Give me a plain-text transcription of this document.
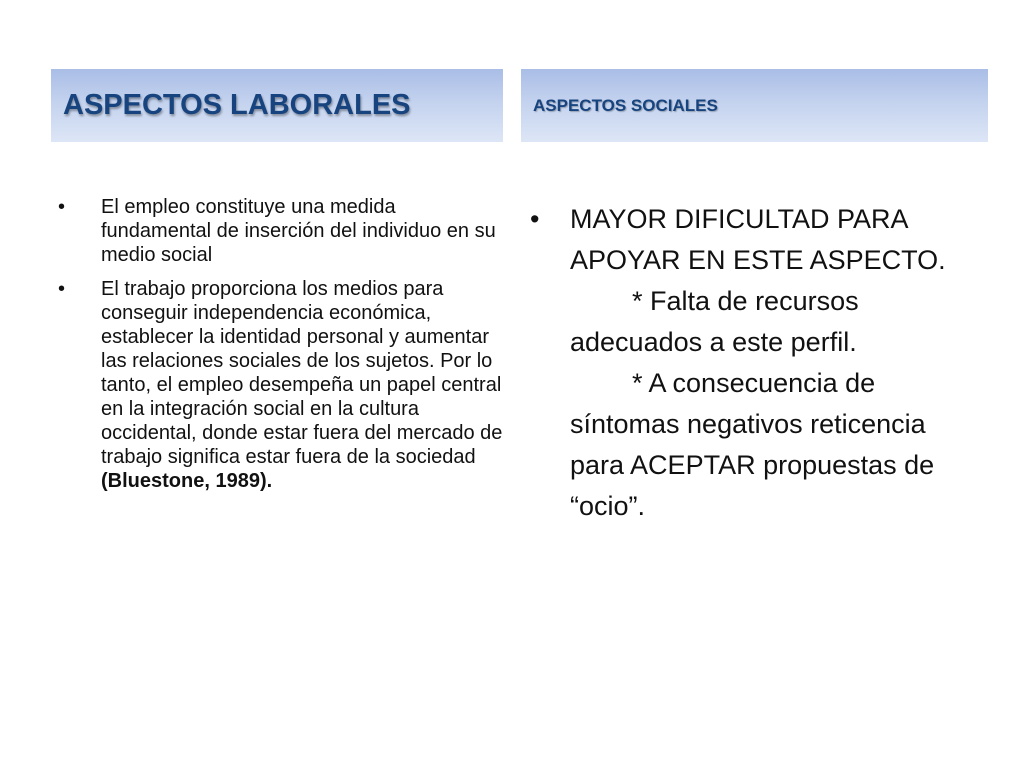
ASPECTOS LABORALES	ASPECTOS SOCIALES
• El empleo constituye una medida fundamental de inserción del individuo en su medio social
• El trabajo proporciona los medios para conseguir independencia económica, establecer la identidad personal y aumentar las relaciones sociales de los sujetos. Por lo tanto, el empleo desempeña un papel central en la integración social en la cultura occidental, donde estar fuera del mercado de trabajo significa estar fuera de la sociedad (Bluestone, 1989).
• MAYOR DIFICULTAD PARA APOYAR EN ESTE ASPECTO.
* Falta de recursos
adecuados a este perfil.
* A consecuencia de
síntomas negativos reticencia para ACEPTAR propuestas de “ocio”.
